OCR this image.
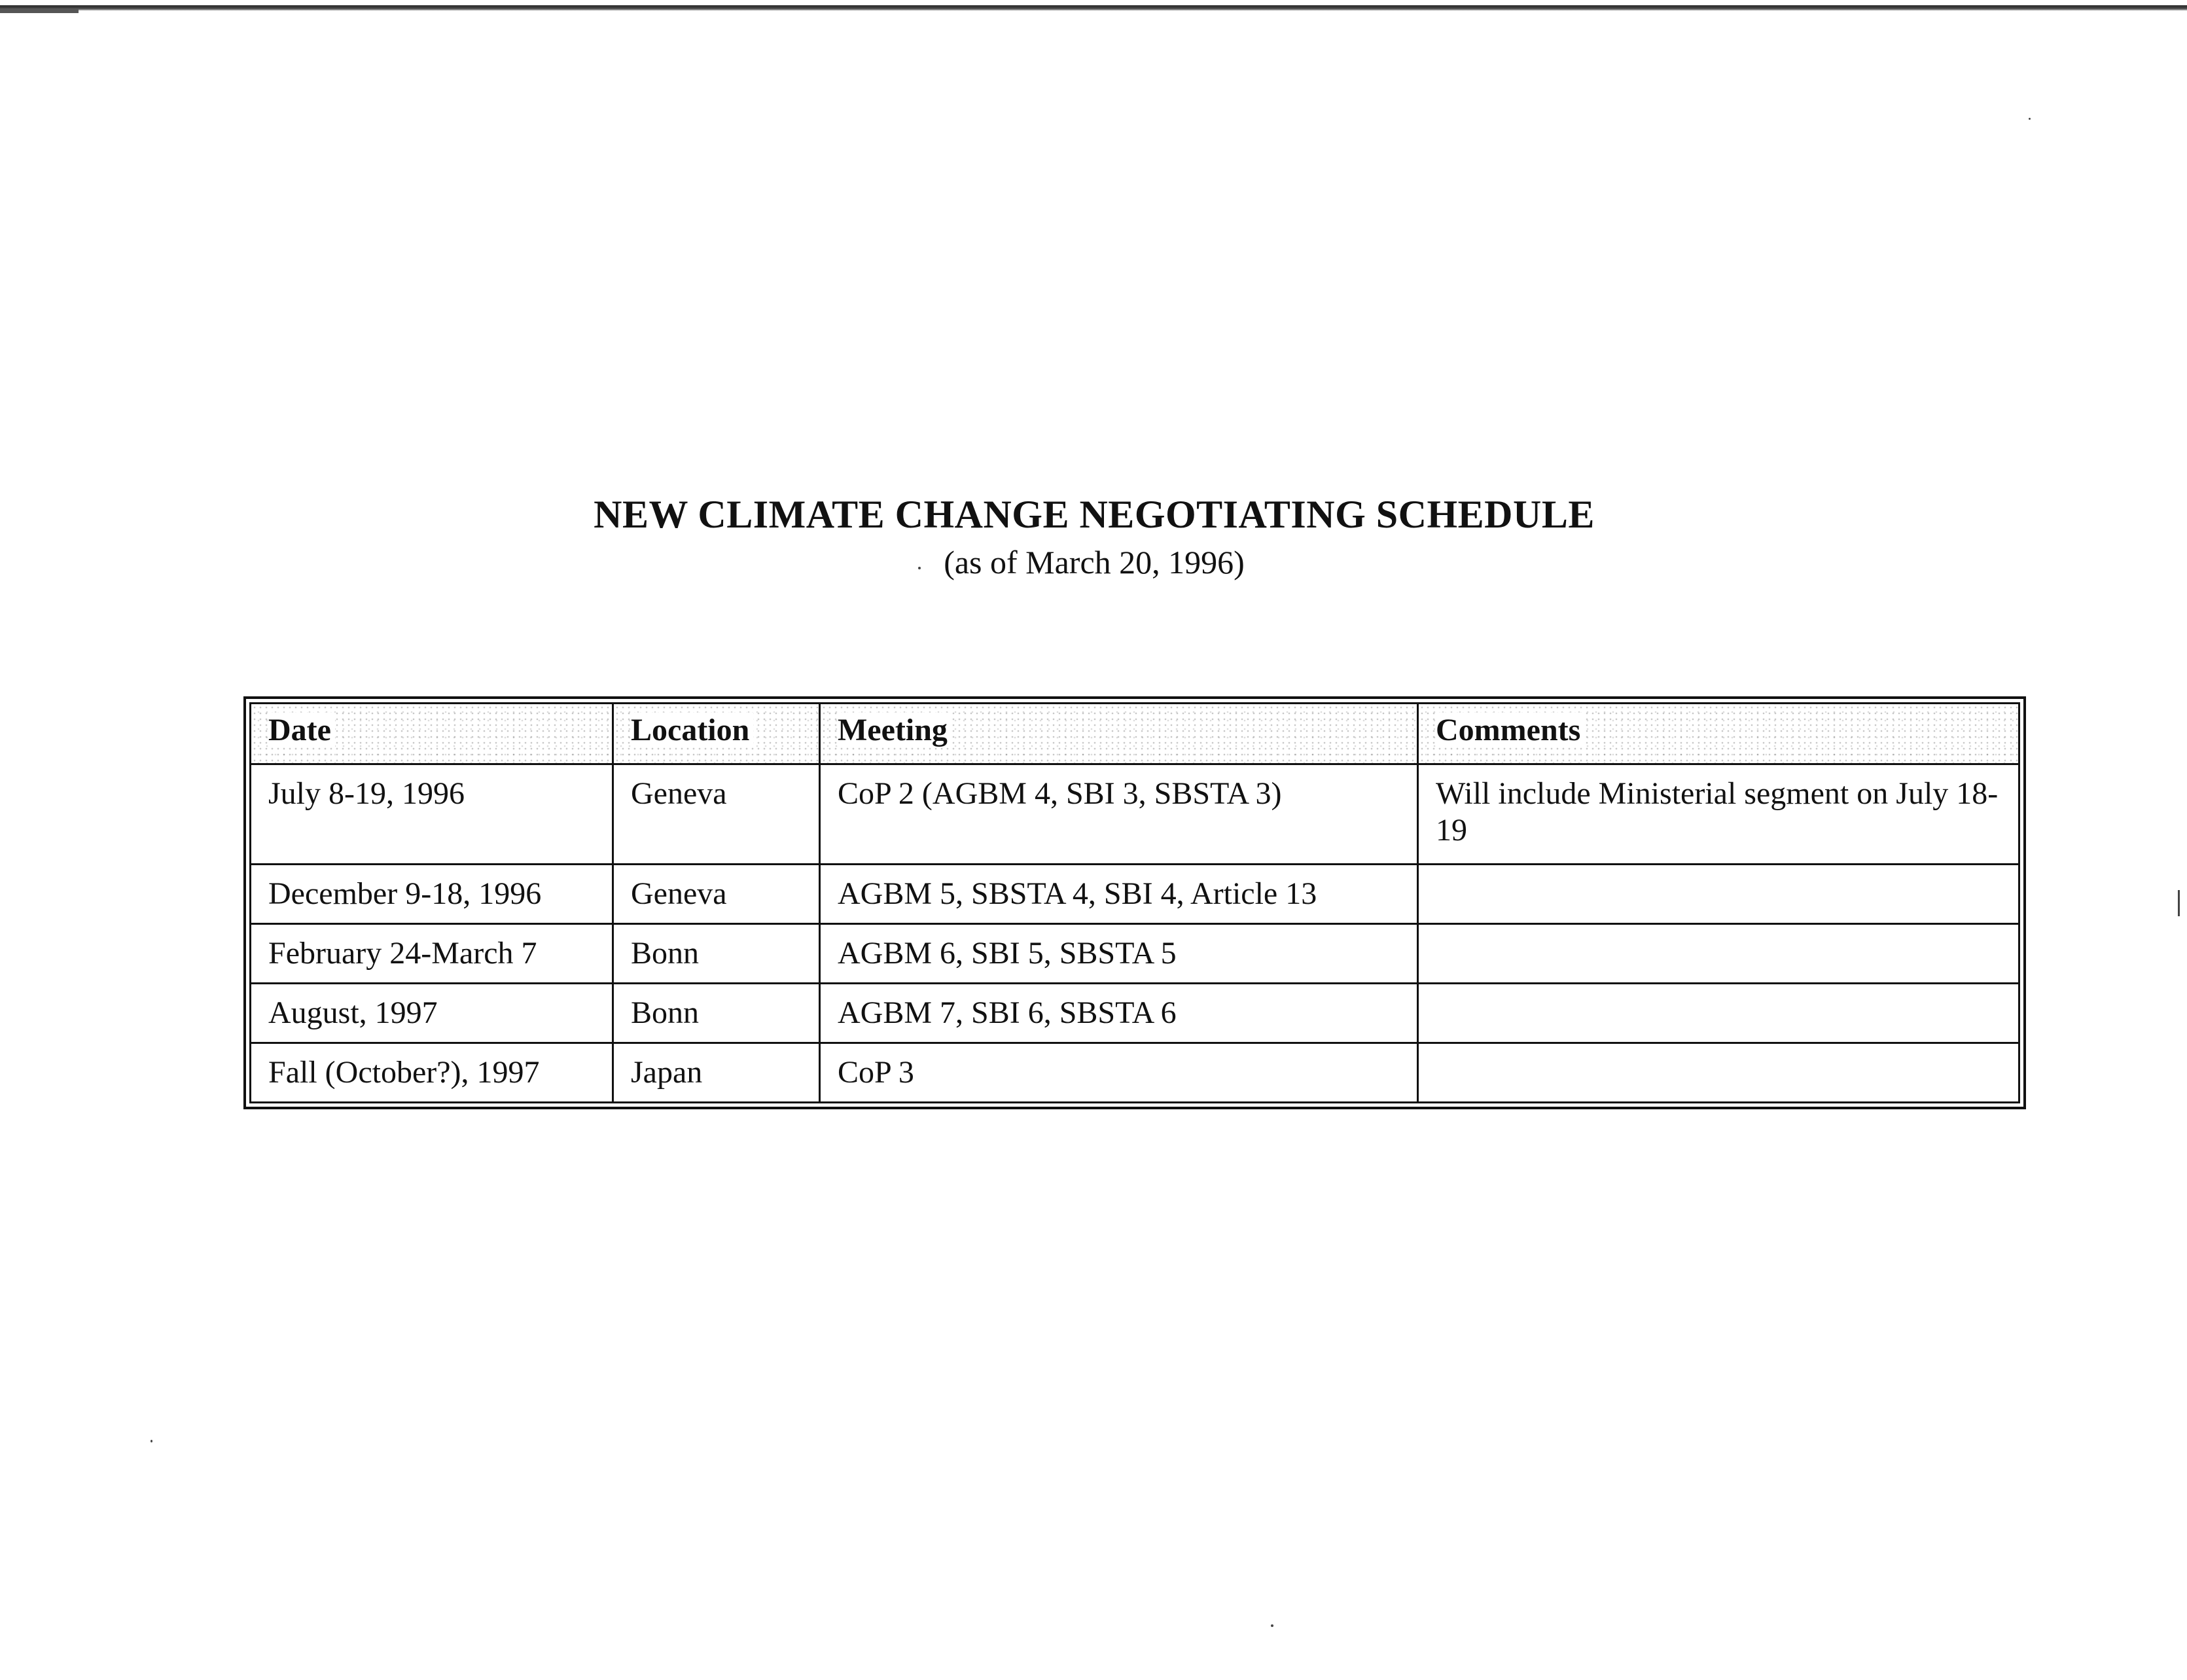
NEW CLIMATE CHANGE NEGOTIATING SCHEDULE
(as of March 20, 1996)
Date	Location	Meeting	Comments
July 8-19, 1996	Geneva	CoP 2 (AGBM 4, SBI 3, SBSTA 3)	Will include Ministerial segment on July 18-19
December 9-18, 1996	Geneva	AGBM 5, SBSTA 4, SBI 4, Article 13	
February 24-March 7	Bonn	AGBM 6, SBI 5, SBSTA 5	
August, 1997	Bonn	AGBM 7, SBI 6, SBSTA 6	
Fall (October?), 1997	Japan	CoP 3	
